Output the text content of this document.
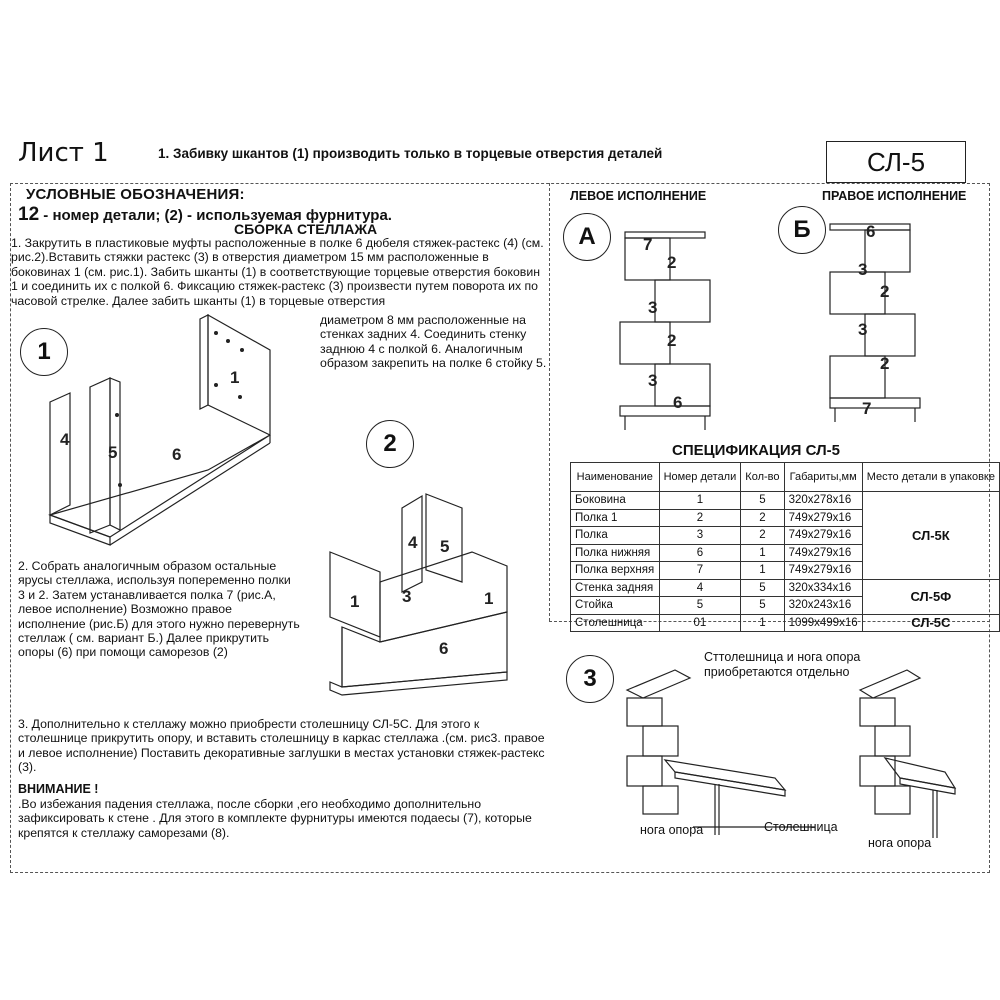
Лист 1	1. Забивку шкантов (1) производить только в торцевые отверстия деталей	СЛ-5
УСЛОВНЫЕ ОБОЗНАЧЕНИЯ:
12 - номер детали; (2) - используемая фурнитура.
СБОРКА СТЕЛЛАЖА
1. Закрутить в пластиковые муфты расположенные в полке 6 дюбеля стяжек-растекс (4) (см. рис.2).Вставить стяжки растекс (3) в отверстия диаметром 15 мм расположенные в боковинах 1 (см. рис.1). Забить шканты (1) в соответствующие торцевые отверстия боковин 1 и соединить их с полкой 6. Фиксацию стяжек-растекс (3) произвести путем поворота их по часовой стрелке. Далее забить шканты (1) в торцевые отверстия
диаметром 8 мм расположенные на стенках задних 4. Соединить стенку заднюю 4 с полкой 6. Аналогичным образом закрепить на полке 6 стойку 5.
2. Собрать аналогичным образом остальные ярусы стеллажа, используя попеременно полки 3 и 2. Затем устанавливается полка 7 (рис.А, левое исполнение) Возможно правое исполнение (рис.Б) для этого нужно перевернуть стеллаж ( см. вариант Б.) Далее прикрутить опоры (6) при помощи саморезов (2)
3. Дополнительно к стеллажу можно приобрести столешницу СЛ-5С. Для этого к столешнице прикрутить опору, и вставить столешницу в каркас стеллажа .(см. рис3. правое и левое исполнение) Поставить декоративные заглушки в местах установки стяжек-растекс (3).
ВНИМАНИЕ !
.Во избежания падения стеллажа, после сборки ,его необходимо дополнительно зафиксировать к стене . Для этого в комплекте фурнитуры имеются подаесы (7), которые крепятся к стеллажу саморезами (8).
1
4
5	6
1
2
4 5
1	3	1
6
ЛЕВОЕ ИСПОЛНЕНИЕ	ПРАВОЕ ИСПОЛНЕНИЕ
А	Б
7
2
3
2
3
6
6
3
2
3
2
7
СПЕЦИФИКАЦИЯ СЛ-5
Наименование	Номер детали	Кол-во	Габариты,мм	Место детали в упаковке
Боковина	1	5	320x278x16	СЛ-5К
Полка 1	2	2	749x279x16	
Полка	3	2	749x279x16	
Полка нижняя	6	1	749x279x16	
Полка верхняя	7	1	749x279x16	
Стенка задняя	4	5	320x334x16	СЛ-5Ф
Стойка	5	5	320x243x16	
Столешница	01	1	1099x499x16	СЛ-5С
3
Сттолешница и нога опора
приобретаются отдельно
нога опора	Столешница
нога опора
